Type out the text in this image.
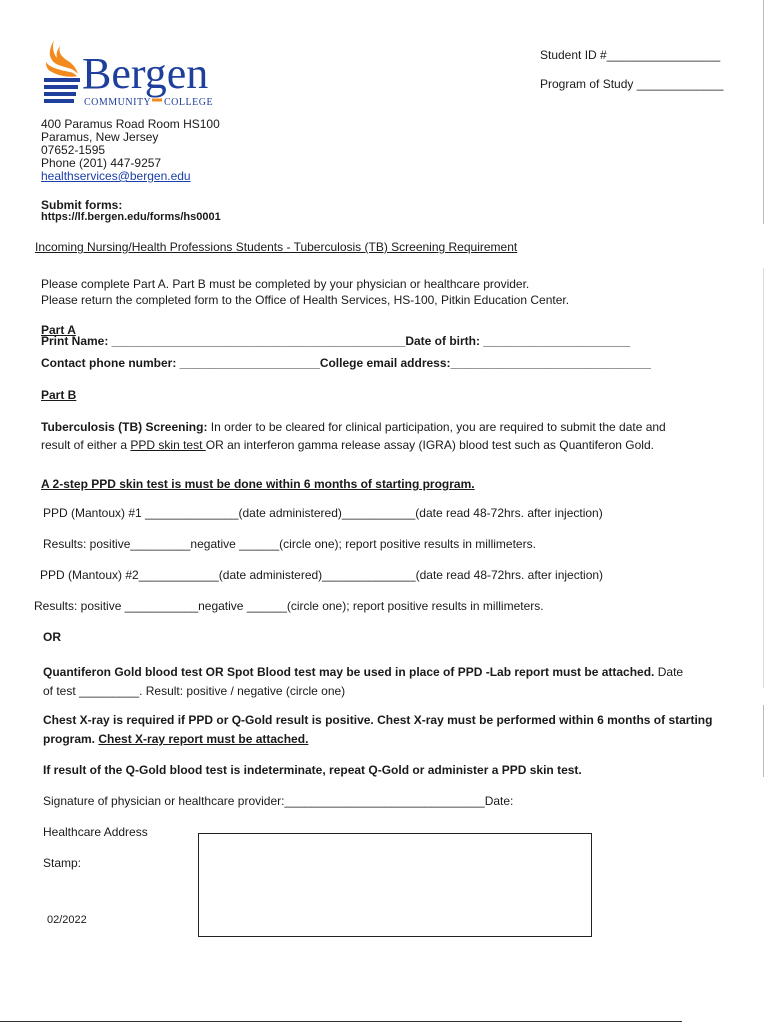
Bergen
COMMUNITY COLLEGE
Student ID #_________________
Program of Study _____________
400 Paramus Road Room HS100
Paramus, New Jersey
07652-1595
Phone (201) 447-9257
healthservices@bergen.edu
Submit forms:
https://lf.bergen.edu/forms/hs0001
Incoming Nursing/Health Professions Students - Tuberculosis (TB) Screening Requirement
Please complete Part A. Part B must be completed by your physician or healthcare provider.
Please return the completed form to the Office of Health Services, HS-100, Pitkin Education Center.
Part A
Print Name: ____________________________________________Date of birth: ______________________
Contact phone number: _____________________College email address:______________________________
Part B
Tuberculosis (TB) Screening: In order to be cleared for clinical participation, you are required to submit the date and
result of either a PPD skin test OR an interferon gamma release assay (IGRA) blood test such as Quantiferon Gold.
A 2-step PPD skin test is must be done within 6 months of starting program.
PPD (Mantoux) #1 ______________(date administered)___________(date read 48-72hrs. after injection)
Results: positive_________negative ______(circle one); report positive results in millimeters.
PPD (Mantoux) #2____________(date administered)______________(date read 48-72hrs. after injection)
Results: positive ___________negative ______(circle one); report positive results in millimeters.
OR
Quantiferon Gold blood test OR Spot Blood test may be used in place of PPD -Lab report must be attached. Date
of test _________. Result: positive / negative (circle one)
Chest X-ray is required if PPD or Q-Gold result is positive. Chest X-ray must be performed within 6 months of starting
program. Chest X-ray report must be attached.
If result of the Q-Gold blood test is indeterminate, repeat Q-Gold or administer a PPD skin test.
Signature of physician or healthcare provider:______________________________Date:
Healthcare Address
Stamp:
02/2022
